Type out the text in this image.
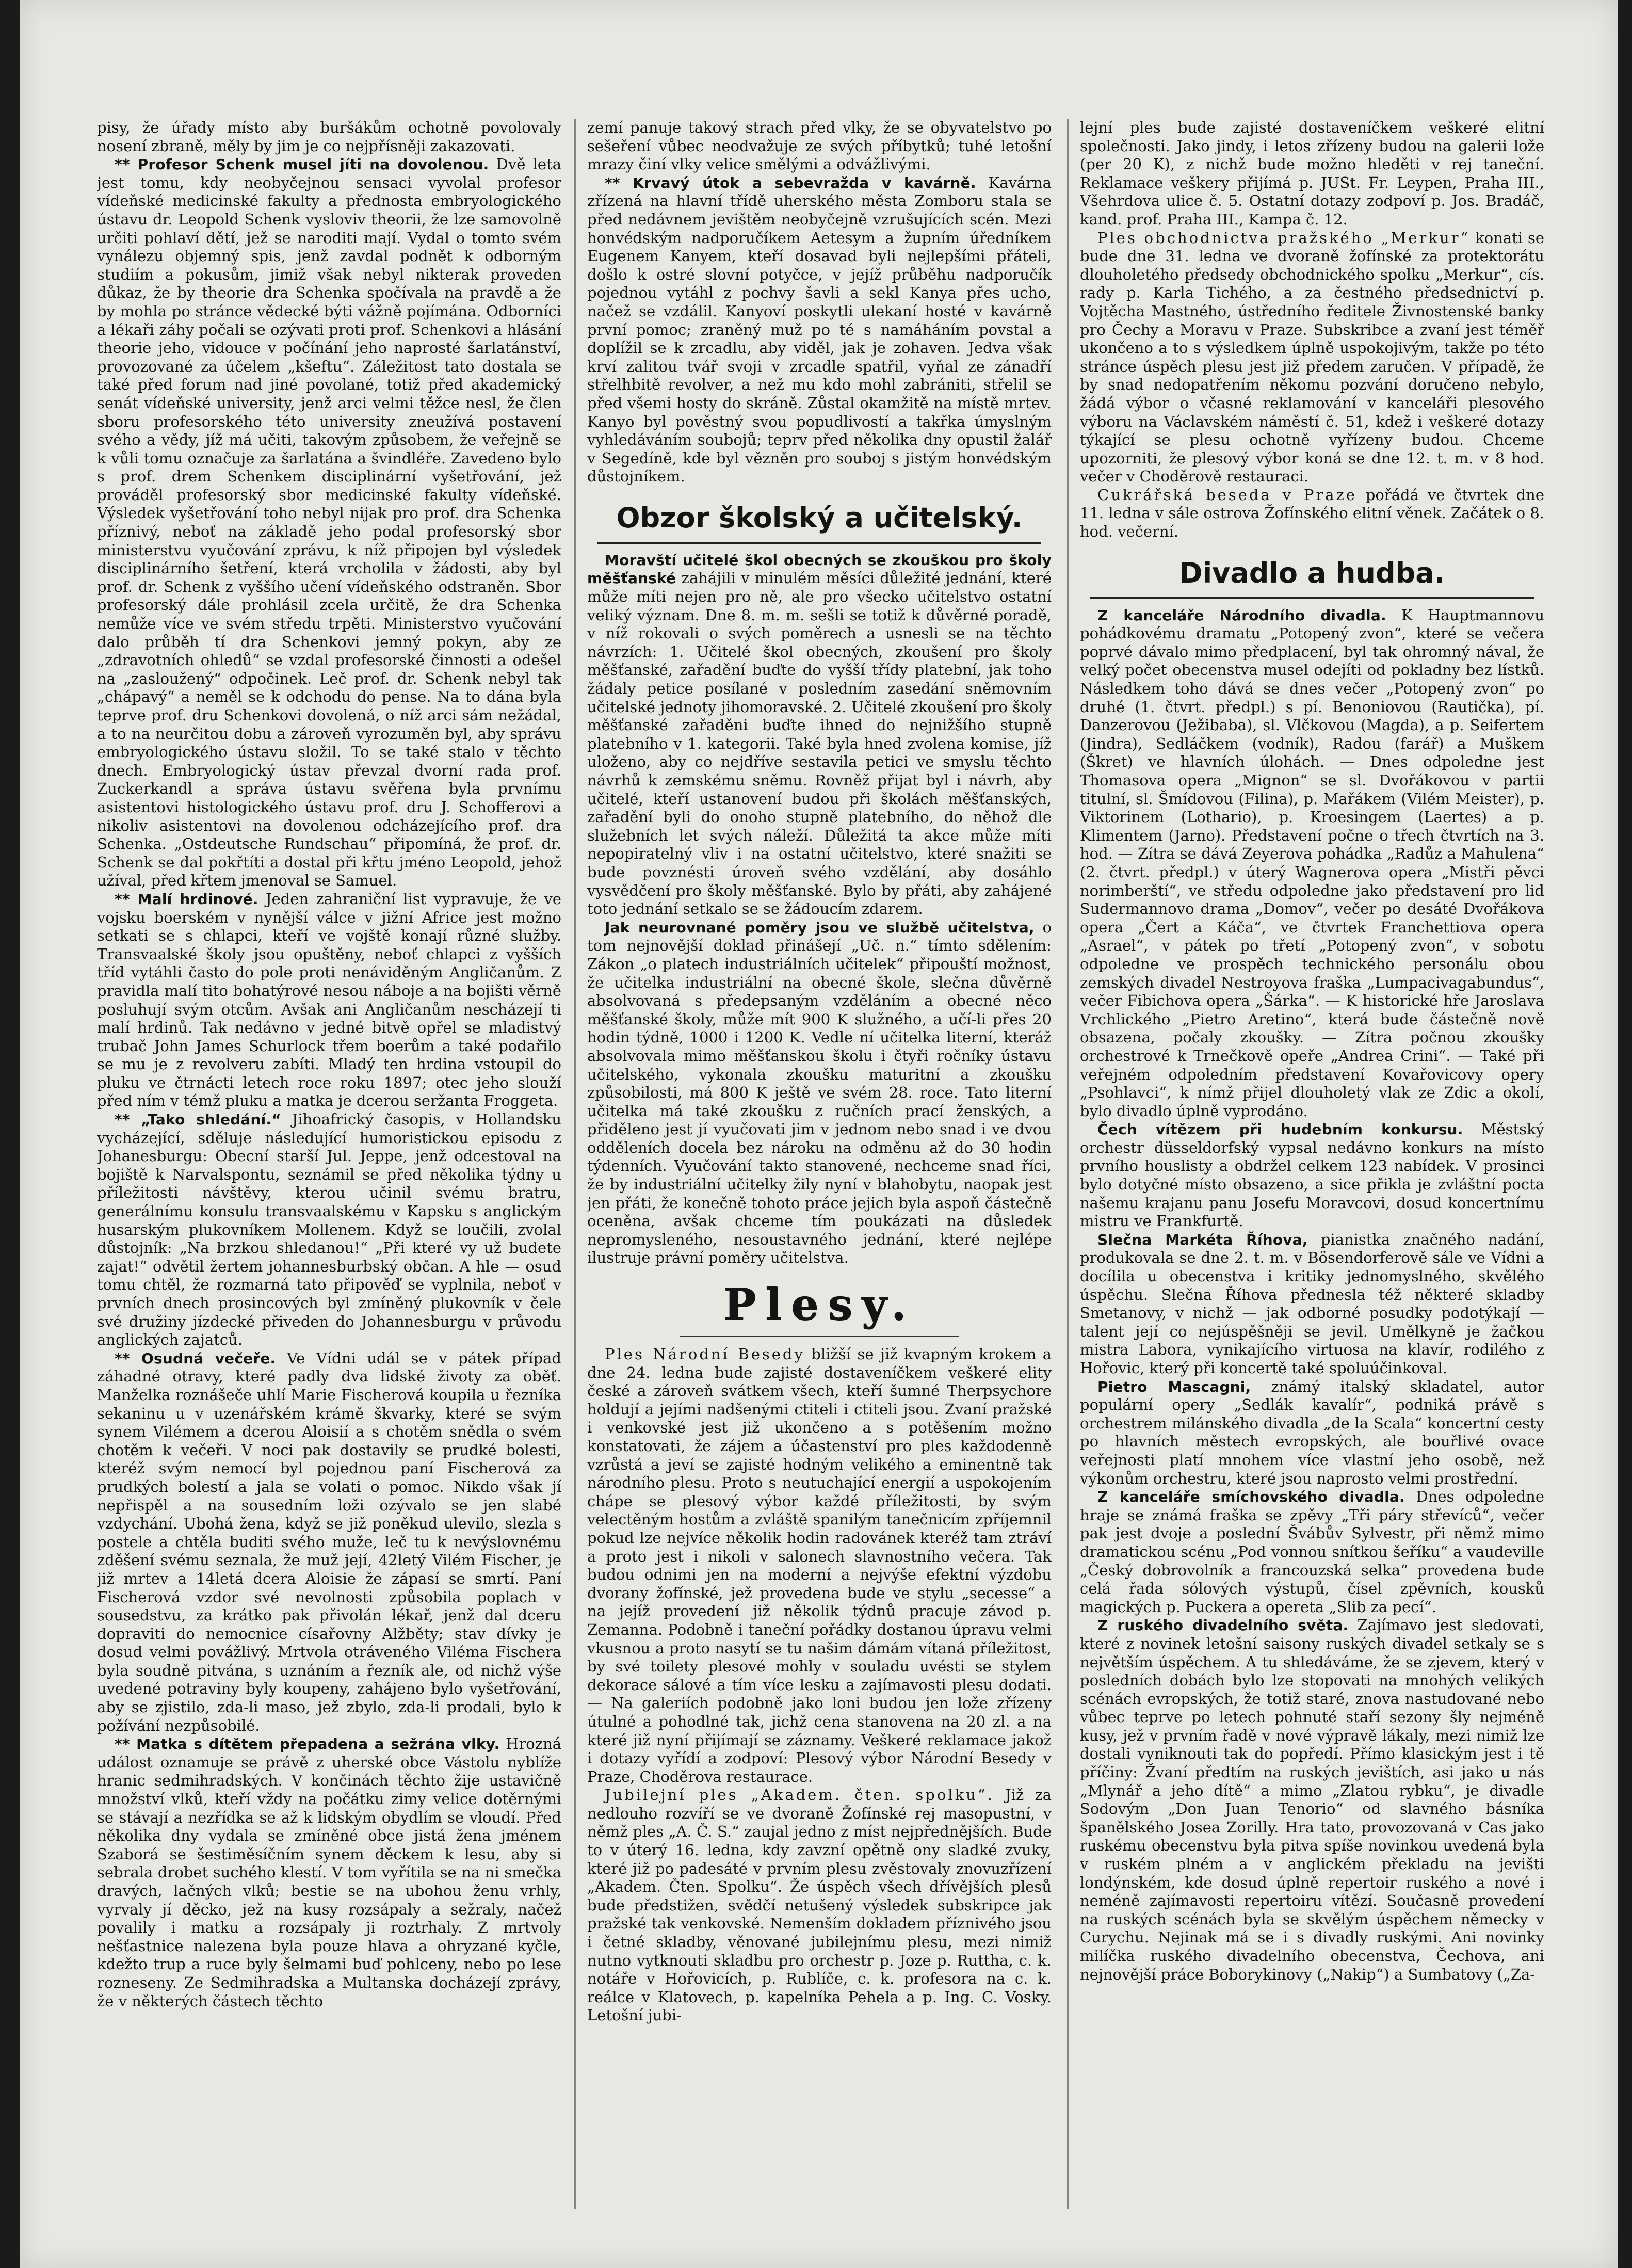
pisy, že úřady místo aby buršákům ochotně povolovaly nosení zbraně, měly by jim je co nejpřísněji zakazovati.

** Profesor Schenk musel jíti na dovolenou. Dvě leta jest tomu, kdy neobyčejnou sensaci vyvolal profesor vídeňské medicinské fakulty a přednosta embryologického ústavu dr. Leopold Schenk vysloviv theorii, že lze samovolně určiti pohlaví dětí, jež se naroditi mají. Vydal o tomto svém vynálezu objemný spis, jenž zavdal podnět k odborným studiím a pokusům, jimiž však nebyl nikterak proveden důkaz, že by theorie dra Schenka spočívala na pravdě a že by mohla po stránce vědecké býti vážně pojímána. Odborníci a lékaři záhy počali se ozývati proti prof. Schenkovi a hlásání theorie jeho, vidouce v počínání jeho naprosté šarlatánství, provozované za účelem „kšeftu“. Záležitost tato dostala se také před forum nad jiné povolané, totiž před akademický senát vídeňské university, jenž arci velmi těžce nesl, že člen sboru profesorského této university zneužívá postavení svého a vědy, jíž má učiti, takovým způsobem, že veřejně se k vůli tomu označuje za šarlatána a švindléře. Zavedeno bylo s prof. drem Schenkem disciplinární vyšetřování, jež prováděl profesorský sbor medicinské fakulty vídeňské. Výsledek vyšetřování toho nebyl nijak pro prof. dra Schenka příznivý, neboť na základě jeho podal profesorský sbor ministerstvu vyučování zprávu, k níž připojen byl výsledek disciplinárního šetření, která vrcholila v žádosti, aby byl prof. dr. Schenk z vyššího učení vídeňského odstraněn. Sbor profesorský dále prohlásil zcela určitě, že dra Schenka nemůže více ve svém středu trpěti. Ministerstvo vyučování dalo průběh tí dra Schenkovi jemný pokyn, aby ze „zdravotních ohledů“ se vzdal profesorské činnosti a odešel na „zasloužený“ odpočinek. Leč prof. dr. Schenk nebyl tak „chápavý“ a neměl se k odchodu do pense. Na to dána byla teprve prof. dru Schenkovi dovolená, o níž arci sám nežádal, a to na neurčitou dobu a zároveň vyrozuměn byl, aby správu embryologického ústavu složil. To se také stalo v těchto dnech. Embryologický ústav převzal dvorní rada prof. Zuckerkandl a správa ústavu svěřena byla prvnímu asistentovi histologického ústavu prof. dru J. Schofferovi a nikoliv asistentovi na dovolenou odcházejícího prof. dra Schenka. „Ostdeutsche Rundschau“ připomíná, že prof. dr. Schenk se dal pokřtíti a dostal při křtu jméno Leopold, jehož užíval, před křtem jmenoval se Samuel.

** Malí hrdinové. Jeden zahraniční list vypravuje, že ve vojsku boerském v nynější válce v jižní Africe jest možno setkati se s chlapci, kteří ve vojště konají různé služby. Transvaalské školy jsou opuštěny, neboť chlapci z vyšších tříd vytáhli často do pole proti nenáviděným Angličanům. Z pravidla malí tito bohatýrové nesou náboje a na bojišti věrně posluhují svým otcům. Avšak ani Angličanům nescházejí ti malí hrdinů. Tak nedávno v jedné bitvě opřel se mladistvý trubač John James Schurlock třem boerům a také podařilo se mu je z revolveru zabíti. Mladý ten hrdina vstoupil do pluku ve čtrnácti letech roce roku 1897; otec jeho slouží před ním v témž pluku a matka je dcerou seržanta Froggeta.

** „Tako shledání.“ Jihoafrický časopis, v Hollandsku vycházející, sděluje následující humoristickou episodu z Johanesburgu: Obecní starší Jul. Jeppe, jenž odcestoval na bojiště k Narvalspontu, seznámil se před několika týdny u příležitosti návštěvy, kterou učinil svému bratru, generálnímu konsulu transvaalskému v Kapsku s anglickým husarským plukovníkem Mollenem. Když se loučili, zvolal důstojník: „Na brzkou shledanou!“ „Při které vy už budete zajat!“ odvětil žertem johannesburbský občan. A hle — osud tomu chtěl, že rozmarná tato připověď se vyplnila, neboť v prvních dnech prosincových byl zmíněný plukovník v čele své družiny jízdecké přiveden do Johannesburgu v průvodu anglických zajatců.

** Osudná večeře. Ve Vídni udál se v pátek případ záhadné otravy, které padly dva lidské životy za oběť. Manželka roznášeče uhlí Marie Fischerová koupila u řezníka sekaninu u v uzenářském krámě škvarky, které se svým synem Vilémem a dcerou Aloisií a s chotěm snědla o svém chotěm k večeři. V noci pak dostavily se prudké bolesti, kteréž svým nemocí byl pojednou paní Fischerová za prudkých bolestí a jala se volati o pomoc. Nikdo však jí nepřispěl a na sousedním loži ozývalo se jen slabé vzdychání. Ubohá žena, když se již poněkud ulevilo, slezla s postele a chtěla buditi svého muže, leč tu k nevýslovnému zděšení svému seznala, že muž její, 42letý Vilém Fischer, je již mrtev a 14letá dcera Aloisie že zápasí se smrtí. Paní Fischerová vzdor své nevolnosti způsobila poplach v sousedstvu, za krátko pak přivolán lékař, jenž dal dceru dopraviti do nemocnice císařovny Alžběty; stav dívky je dosud velmi povážlivý. Mrtvola otráveného Viléma Fischera byla soudně pitvána, s uznáním a řezník ale, od nichž výše uvedené potraviny byly koupeny, zahájeno bylo vyšetřování, aby se zjistilo, zda-li maso, jež zbylo, zda-li prodali, bylo k požívání nezpůsobilé.

** Matka s dítětem přepadena a sežrána vlky. Hrozná událost oznamuje se právě z uherské obce Vástolu nyblíže hranic sedmihradských. V končinách těchto žije ustavičně množství vlků, kteří vždy na počátku zimy velice dotěrnými se stávají a nezřídka se až k lidským obydlím se vloudí. Před několika dny vydala se zmíněné obce jistá žena jménem Szaborá se šestiměsíčním synem děckem k lesu, aby si sebrala drobet suchého klestí. V tom vyřítila se na ni smečka dravých, lačných vlků; bestie se na ubohou ženu vrhly, vyrvaly jí děcko, jež na kusy rozsápaly a sežraly, načež povalily i matku a rozsápaly ji roztrhaly. Z mrtvoly nešťastnice nalezena byla pouze hlava a ohryzané kyčle, kdežto trup a ruce byly šelmami buď pohlceny, nebo po lese rozneseny. Ze Sedmihradska a Multanska docházejí zprávy, že v některých částech těchto

zemí panuje takový strach před vlky, že se obyvatelstvo po sešeření vůbec neodvažuje ze svých příbytků; tuhé letošní mrazy činí vlky velice smělými a odvážlivými.

** Krvavý útok a sebevražda v kavárně. Kavárna zřízená na hlavní třídě uherského města Zomboru stala se před nedávnem jevištěm neobyčejně vzrušujících scén. Mezi honvédským nadporučíkem Aetesym a župním úředníkem Eugenem Kanyem, kteří dosavad byli nejlepšími přáteli, došlo k ostré slovní potyčce, v jejíž průběhu nadporučík pojednou vytáhl z pochvy šavli a sekl Kanya přes ucho, načež se vzdálil. Kanyoví poskytli ulekaní hosté v kavárně první pomoc; zraněný muž po té s namáháním povstal a doplížil se k zrcadlu, aby viděl, jak je zohaven. Jedva však krví zalitou tvář svoji v zrcadle spatřil, vyňal ze zánadří střelhbitě revolver, a než mu kdo mohl zabrániti, střelil se před všemi hosty do skráně. Zůstal okamžitě na místě mrtev. Kanyo byl pověstný svou popudlivostí a takřka úmyslným vyhledáváním soubojů; teprv před několika dny opustil žalář v Segedíně, kde byl vězněn pro souboj s jistým honvédským důstojníkem.

Obzor školský a učitelský.

Moravští učitelé škol obecných se zkouškou pro školy měšťanské zahájili v minulém měsíci důležité jednání, které může míti nejen pro ně, ale pro všecko učitelstvo ostatní veliký význam. Dne 8. m. m. sešli se totiž k důvěrné poradě, v níž rokovali o svých poměrech a usnesli se na těchto návrzích: 1. Učitelé škol obecných, zkoušení pro školy měšťanské, zařadění buďte do vyšší třídy platební, jak toho žádaly petice posílané v posledním zasedání sněmovním učitelské jednoty jihomoravské. 2. Učitelé zkoušení pro školy měšťanské zařaděni buďte ihned do nejnižšího stupně platebního v 1. kategorii. Také byla hned zvolena komise, jíž uloženo, aby co nejdříve sestavila petici ve smyslu těchto návrhů k zemskému sněmu. Rovněž přijat byl i návrh, aby učitelé, kteří ustanovení budou při školách měšťanských, zařadění byli do onoho stupně platebního, do něhož dle služebních let svých náleží. Důležitá ta akce může míti nepopiratelný vliv i na ostatní učitelstvo, které snažiti se bude povznésti úroveň svého vzdělání, aby dosáhlo vysvědčení pro školy měšťanské. Bylo by přáti, aby zahájené toto jednání setkalo se se žádoucím zdarem.

Jak neurovnané poměry jsou ve službě učitelstva, o tom nejnovější doklad přinášejí „Uč. n.“ tímto sdělením: Zákon „o platech industriálních učitelek“ připouští možnost, že učitelka industriální na obecné škole, slečna důvěrně absolvovaná s předepsaným vzděláním a obecné něco měšťanské školy, může mít 900 K služného, a učí-li přes 20 hodin týdně, 1000 i 1200 K. Vedle ní učitelka literní, kteráž absolvovala mimo měšťanskou školu i čtyři ročníky ústavu učitelského, vykonala zkoušku maturitní a zkoušku způsobilosti, má 800 K ještě ve svém 28. roce. Tato literní učitelka má také zkoušku z ručních prací ženských, a přiděleno jest jí vyučovati jim v jednom nebo snad i ve dvou odděleních docela bez nároku na odměnu až do 30 hodin týdenních. Vyučování takto stanovené, nechceme snad říci, že by industriální učitelky žily nyní v blahobytu, naopak jest jen přáti, že konečně tohoto práce jejich byla aspoň částečně oceněna, avšak chceme tím poukázati na důsledek nepromysleného, nesoustavného jednání, které nejlépe ilustruje právní poměry učitelstva.

Plesy.

Ples Národní Besedy bližší se již kvapným krokem a dne 24. ledna bude zajisté dostaveníčkem veškeré elity české a zároveň svátkem všech, kteří šumné Therpsychore holdují a jejími nadšenými ctiteli i ctiteli jsou. Zvaní pražské i venkovské jest již ukončeno a s potěšením možno konstatovati, že zájem a účastenství pro ples každodenně vzrůstá a jeví se zajisté hodným velikého a eminentně tak národního plesu. Proto s neutuchající energií a uspokojením chápe se plesový výbor každé příležitosti, by svým velectěným hostům a zvláště spanilým tanečnicím zpříjemnil pokud lze nejvíce několik hodin radovánek kteréž tam ztráví a proto jest i nikoli v salonech slavnostního večera. Tak budou odnimi jen na moderní a nejvýše efektní výzdobu dvorany žofínské, jež provedena bude ve stylu „secesse“ a na jejíž provedení již několik týdnů pracuje závod p. Zemanna. Podobně i taneční pořádky dostanou úpravu velmi vkusnou a proto nasytí se tu našim dámám vítaná příležitost, by své toilety plesové mohly v souladu uvésti se stylem dekorace sálové a tím více lesku a zajímavosti plesu dodati. — Na galeriích podobně jako loni budou jen lože zřízeny útulné a pohodlné tak, jichž cena stanovena na 20 zl. a na které již nyní přijímají se záznamy. Veškeré reklamace jakož i dotazy vyřídí a zodpoví: Plesový výbor Národní Besedy v Praze, Choděrova restaurace.

Jubilejní ples „Akadem. čten. spolku“. Již za nedlouho rozvíří se ve dvoraně Žofínské rej masopustní, v němž ples „A. Č. S.“ zaujal jedno z míst nejpřednějších. Bude to v úterý 16. ledna, kdy zavzní opětně ony sladké zvuky, které již po padesáté v prvním plesu zvěstovaly znovuzřízení „Akadem. Čten. Spolku“. Že úspěch všech dřívějších plesů bude předstižen, svědčí netušený výsledek subskripce jak pražské tak venkovské. Nemenším dokladem příznivého jsou i četné skladby, věnované jubilejnímu plesu, mezi nimiž nutno vytknouti skladbu pro orchestr p. Joze p. Ruttha, c. k. notáře v Hořovicích, p. Rublíče, c. k. profesora na c. k. reálce v Klatovech, p. kapelníka Pehela a p. Ing. C. Vosky. Letošní jubi-

lejní ples bude zajisté dostaveníčkem veškeré elitní společnosti. Jako jindy, i letos zřízeny budou na galerii lože (per 20 K), z nichž bude možno hleděti v rej taneční. Reklamace veškery přijímá p. JUSt. Fr. Leypen, Praha III., Všehrdova ulice č. 5. Ostatní dotazy zodpoví p. Jos. Bradáč, kand. prof. Praha III., Kampa č. 12.

Ples obchodnictva pražského „Merkur“ konati se bude dne 31. ledna ve dvoraně žofínské za protektorátu dlouholetého předsedy obchodnického spolku „Merkur“, cís. rady p. Karla Tichého, a za čestného předsednictví p. Vojtěcha Mastného, ústředního ředitele Živnostenské banky pro Čechy a Moravu v Praze. Subskribce a zvaní jest téměř ukončeno a to s výsledkem úplně uspokojivým, takže po této stránce úspěch plesu jest již předem zaručen. V případě, že by snad nedopatřením někomu pozvání doručeno nebylo, žádá výbor o včasné reklamování v kanceláři plesového výboru na Václavském náměstí č. 51, kdež i veškeré dotazy týkající se plesu ochotně vyřízeny budou. Chceme upozorniti, že plesový výbor koná se dne 12. t. m. v 8 hod. večer v Choděrově restauraci.

Cukrářská beseda v Praze pořádá ve čtvrtek dne 11. ledna v sále ostrova Žofínského elitní věnek. Začátek o 8. hod. večerní.

Divadlo a hudba.

Z kanceláře Národního divadla. K Hauptmannovu pohádkovému dramatu „Potopený zvon“, které se večera poprvé dávalo mimo předplacení, byl tak ohromný nával, že velký počet obecenstva musel odejíti od pokladny bez lístků. Následkem toho dává se dnes večer „Potopený zvon“ po druhé (1. čtvrt. předpl.) s pí. Benoniovou (Rautička), pí. Danzerovou (Ježibaba), sl. Vlčkovou (Magda), a p. Seifertem (Jindra), Sedláčkem (vodník), Radou (farář) a Muškem (Škret) ve hlavních úlohách. — Dnes odpoledne jest Thomasova opera „Mignon“ se sl. Dvořákovou v partii titulní, sl. Šmídovou (Filina), p. Mařákem (Vilém Meister), p. Viktorinem (Lothario), p. Kroesingem (Laertes) a p. Klimentem (Jarno). Představení počne o třech čtvrtích na 3. hod. — Zítra se dává Zeyerova pohádka „Radůz a Mahulena“ (2. čtvrt. předpl.) v úterý Wagnerova opera „Mistři pěvci norimberští“, ve středu odpoledne jako představení pro lid Sudermannovo drama „Domov“, večer po desáté Dvořákova opera „Čert a Káča“, ve čtvrtek Franchettiova opera „Asrael“, v pátek po třetí „Potopený zvon“, v sobotu odpoledne ve prospěch technického personálu obou zemských divadel Nestroyova fraška „Lumpacivagabundus“, večer Fibichova opera „Šárka“. — K historické hře Jaroslava Vrchlického „Pietro Aretino“, která bude částečně nově obsazena, počaly zkoušky. — Zítra počnou zkoušky orchestrové k Trnečkově opeře „Andrea Crini“. — Také při veřejném odpoledním představení Kovařovicovy opery „Psohlavci“, k nímž přijel dlouholetý vlak ze Zdic a okolí, bylo divadlo úplně vyprodáno.

Čech vítězem při hudebním konkursu. Městský orchestr düsseldorfský vypsal nedávno konkurs na místo prvního houslisty a obdržel celkem 123 nabídek. V prosinci bylo dotyčné místo obsazeno, a sice přikla je zvláštní pocta našemu krajanu panu Josefu Moravcovi, dosud koncertnímu mistru ve Frankfurtě.

Slečna Markéta Říhova, pianistka značného nadání, produkovala se dne 2. t. m. v Bösendorferově sále ve Vídni a docílila u obecenstva i kritiky jednomyslného, skvělého úspěchu. Slečna Říhova přednesla též některé skladby Smetanovy, v nichž — jak odborné posudky podotýkají — talent její co nejúspěšněji se jevil. Umělkyně je žačkou mistra Labora, vynikajícího virtuosa na klavír, rodilého z Hořovic, který při koncertě také spoluúčinkoval.

Pietro Mascagni, známý italský skladatel, autor populární opery „Sedlák kavalír“, podniká právě s orchestrem milánského divadla „de la Scala“ koncertní cesty po hlavních městech evropských, ale bouřlivé ovace veřejnosti platí mnohem více vlastní jeho osobě, než výkonům orchestru, které jsou naprosto velmi prostřední.

Z kanceláře smíchovského divadla. Dnes odpoledne hraje se známá fraška se zpěvy „Tři páry střevíců“, večer pak jest dvoje a poslední Švábův Sylvestr, při němž mimo dramatickou scénu „Pod vonnou snítkou šeříku“ a vaudeville „Český dobrovolník a francouzská selka“ provedena bude celá řada sólových výstupů, čísel zpěvních, kousků magických p. Puckera a opereta „Slib za pecí“.

Z ruského divadelního světa. Zajímavo jest sledovati, které z novinek letošní saisony ruských divadel setkaly se s největším úspěchem. A tu shledáváme, že se zjevem, který v posledních dobách bylo lze stopovati na mnohých velikých scénách evropských, že totiž staré, znova nastudované nebo vůbec teprve po letech pohnuté staří sezony šly nejméně kusy, jež v prvním řadě v nové výpravě lákaly, mezi nimiž lze dostali vyniknouti tak do popředí. Přímo klasickým jest i tě příčiny: Žvaní předtím na ruských jevištích, asi jako u nás „Mlynář a jeho dítě“ a mimo „Zlatou rybku“, je divadle Sodovým „Don Juan Tenorio“ od slavného básníka španělského Josea Zorilly. Hra tato, provozovaná v Cas jako ruskému obecenstvu byla pitva spíše novinkou uvedená byla v ruském plném a v anglickém překladu na jevišti londýnském, kde dosud úplně repertoir ruského a nové i neméně zajímavosti repertoiru vítězí. Současně provedení na ruských scénách byla se skvělým úspěchem německy v Curychu. Nejinak má se i s divadly ruskými. Ani novinky milíčka ruského divadelního obecenstva, Čechova, ani nejnovější práce Boborykinovy („Nakip“) a Sumbatovy („Za-
